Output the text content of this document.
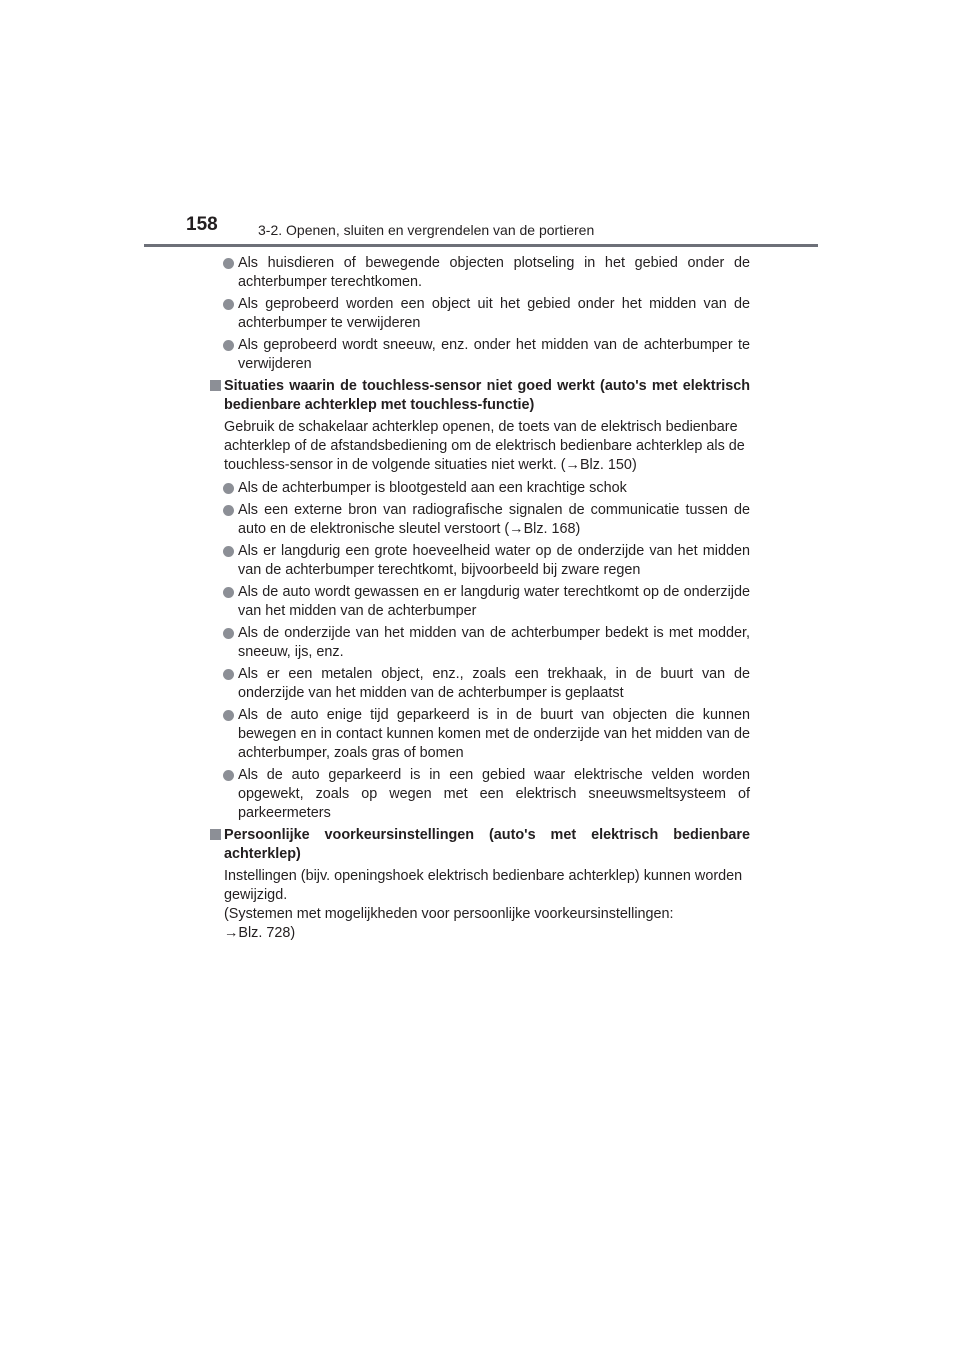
158	3-2. Openen, sluiten en vergrendelen van de portieren
Als huisdieren of bewegende objecten plotseling in het gebied onder de achterbumper terechtkomen.
Als geprobeerd worden een object uit het gebied onder het midden van de achterbumper te verwijderen
Als geprobeerd wordt sneeuw, enz. onder het midden van de achterbumper te verwijderen
Situaties waarin de touchless-sensor niet goed werkt (auto's met elektrisch bedienbare achterklep met touchless-functie)
Gebruik de schakelaar achterklep openen, de toets van de elektrisch bedienbare achterklep of de afstandsbediening om de elektrisch bedienbare achterklep als de touchless-sensor in de volgende situaties niet werkt. (→Blz. 150)
Als de achterbumper is blootgesteld aan een krachtige schok
Als een externe bron van radiografische signalen de communicatie tussen de auto en de elektronische sleutel verstoort (→Blz. 168)
Als er langdurig een grote hoeveelheid water op de onderzijde van het midden van de achterbumper terechtkomt, bijvoorbeeld bij zware regen
Als de auto wordt gewassen en er langdurig water terechtkomt op de onderzijde van het midden van de achterbumper
Als de onderzijde van het midden van de achterbumper bedekt is met modder, sneeuw, ijs, enz.
Als er een metalen object, enz., zoals een trekhaak, in de buurt van de onderzijde van het midden van de achterbumper is geplaatst
Als de auto enige tijd geparkeerd is in de buurt van objecten die kunnen bewegen en in contact kunnen komen met de onderzijde van het midden van de achterbumper, zoals gras of bomen
Als de auto geparkeerd is in een gebied waar elektrische velden worden opgewekt, zoals op wegen met een elektrisch sneeuwsmeltsysteem of parkeermeters
Persoonlijke voorkeursinstellingen (auto's met elektrisch bedienbare achterklep)
Instellingen (bijv. openingshoek elektrisch bedienbare achterklep) kunnen worden gewijzigd.
(Systemen met mogelijkheden voor persoonlijke voorkeursinstellingen:
→Blz. 728)
